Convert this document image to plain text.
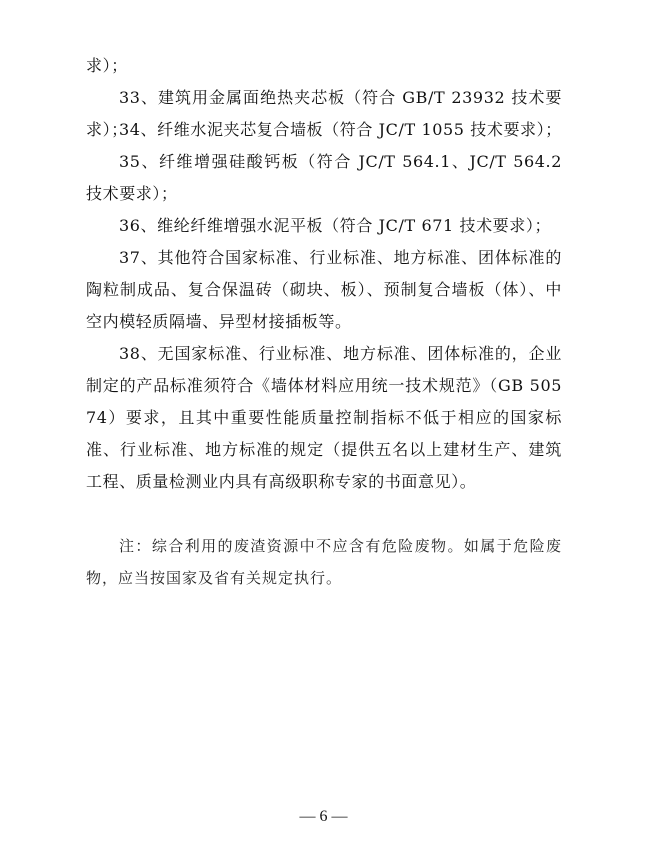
求）；
33、建筑用金属面绝热夹芯板（符合 GB/T 23932 技术要求）；
34、纤维水泥夹芯复合墙板（符合 JC/T 1055 技术要求）；
35、纤维增强硅酸钙板（符合 JC/T 564.1、JC/T 564.2 技术要求）；
36、维纶纤维增强水泥平板（符合 JC/T 671 技术要求）；
37、其他符合国家标准、行业标准、地方标准、团体标准的陶粒制成品、复合保温砖（砌块、板）、预制复合墙板（体）、中空内模轻质隔墙、异型材接插板等。
38、无国家标准、行业标准、地方标准、团体标准的，企业制定的产品标准须符合《墙体材料应用统一技术规范》（GB 50574）要求，且其中重要性能质量控制指标不低于相应的国家标准、行业标准、地方标准的规定（提供五名以上建材生产、建筑工程、质量检测业内具有高级职称专家的书面意见）。
注：综合利用的废渣资源中不应含有危险废物。如属于危险废物，应当按国家及省有关规定执行。
— 6 —
